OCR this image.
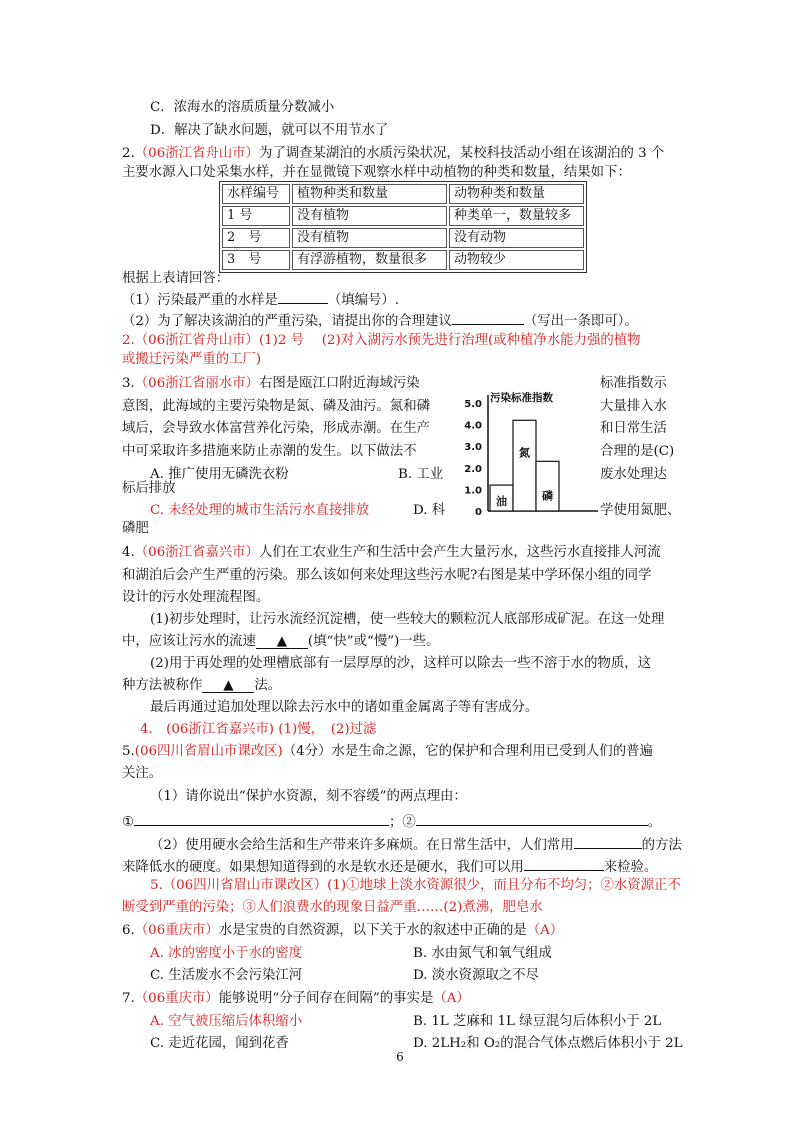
C．浓海水的溶质质量分数减小
D．解决了缺水问题，就可以不用节水了
2.（06浙江省舟山市）为了调查某湖泊的水质污染状况，某校科技活动小组在该湖泊的 3 个
主要水源入口处采集水样，并在显微镜下观察水样中动植物的种类和数量，结果如下：
水样编号	植物种类和数量	动物种类和数量
1 号	没有植物	种类单一，数量较多
2　号	没有植物	没有动物
3　号	有浮游植物，数量很多	动物较少
根据上表请回答：
（1）污染最严重的水样是	（填编号）.
（2）为了解决该湖泊的严重污染，请提出你的合理建议	（写出一条即可）。
2.（06浙江省舟山市）(1)2 号　 (2)对入湖污水预先进行治理(或种植净水能力强的植物
或搬迁污染严重的工厂)
3.（06浙江省丽水市）右图是瓯江口附近海域污染
意图，此海域的主要污染物是氮、磷及油污。氮和磷
域后，会导致水体富营养化污染，形成赤潮。在生产
中可采取许多措施来防止赤潮的发生。以下做法不
标准指数示
大量排入水
和日常生活
合理的是(C)
A. 推广使用无磷洗衣粉	B. 工业	废水处理达
标后排放
C. 未经处理的城市生活污水直接排放	D. 科	学使用氮肥、
磷肥
污染标准指数
0
1.0
2.0
3.0
4.0
5.0
油
氮
磷
4.（06浙江省嘉兴市）人们在工农业生产和生活中会产生大量污水，这些污水直接排人河流
和湖泊后会产生严重的污染。那么该如何来处理这些污水呢?右图是某中学环保小组的同学
设计的污水处理流程图。
(1)初步处理时，让污水流经沉淀槽，使一些较大的颗粒沉人底部形成矿泥。在这一处理
中，应该让污水的流速 ▲ (填“快”或“慢”)一些。
(2)用于再处理的处理槽底部有一层厚厚的沙，这样可以除去一些不溶于水的物质，这
种方法被称作 ▲ 法。
最后再通过追加处理以除去污水中的诸如重金属离子等有害成分。
4.　(06浙江省嘉兴市) (1)慢，　(2)过滤
5.(06四川省眉山市课改区)（4分）水是生命之源，它的保护和合理利用已受到人们的普遍
关注。
（1）请你说出“保护水资源，刻不容缓”的两点理由：
①	；②	。
（2）使用硬水会给生活和生产带来许多麻烦。在日常生活中，人们常用	的方法
来降低水的硬度。如果想知道得到的水是软水还是硬水，我们可以用	来检验。
5.（06四川省眉山市课改区）(1)①地球上淡水资源很少，而且分布不均匀；②水资源正不
断受到严重的污染；③人们浪费水的现象日益严重……(2)煮沸，肥皂水
6.（06重庆市）水是宝贵的自然资源，以下关于水的叙述中正确的是（A）
A. 冰的密度小于水的密度	B. 水由氮气和氧气组成
C. 生活废水不会污染江河	D. 淡水资源取之不尽
7.（06重庆市）能够说明“分子间存在间隔”的事实是（A）
A. 空气被压缩后体积缩小	B. 1L 芝麻和 1L 绿豆混匀后体积小于 2L
C. 走近花园，闻到花香	D. 2LH₂和 O₂的混合气体点燃后体积小于 2L
6
